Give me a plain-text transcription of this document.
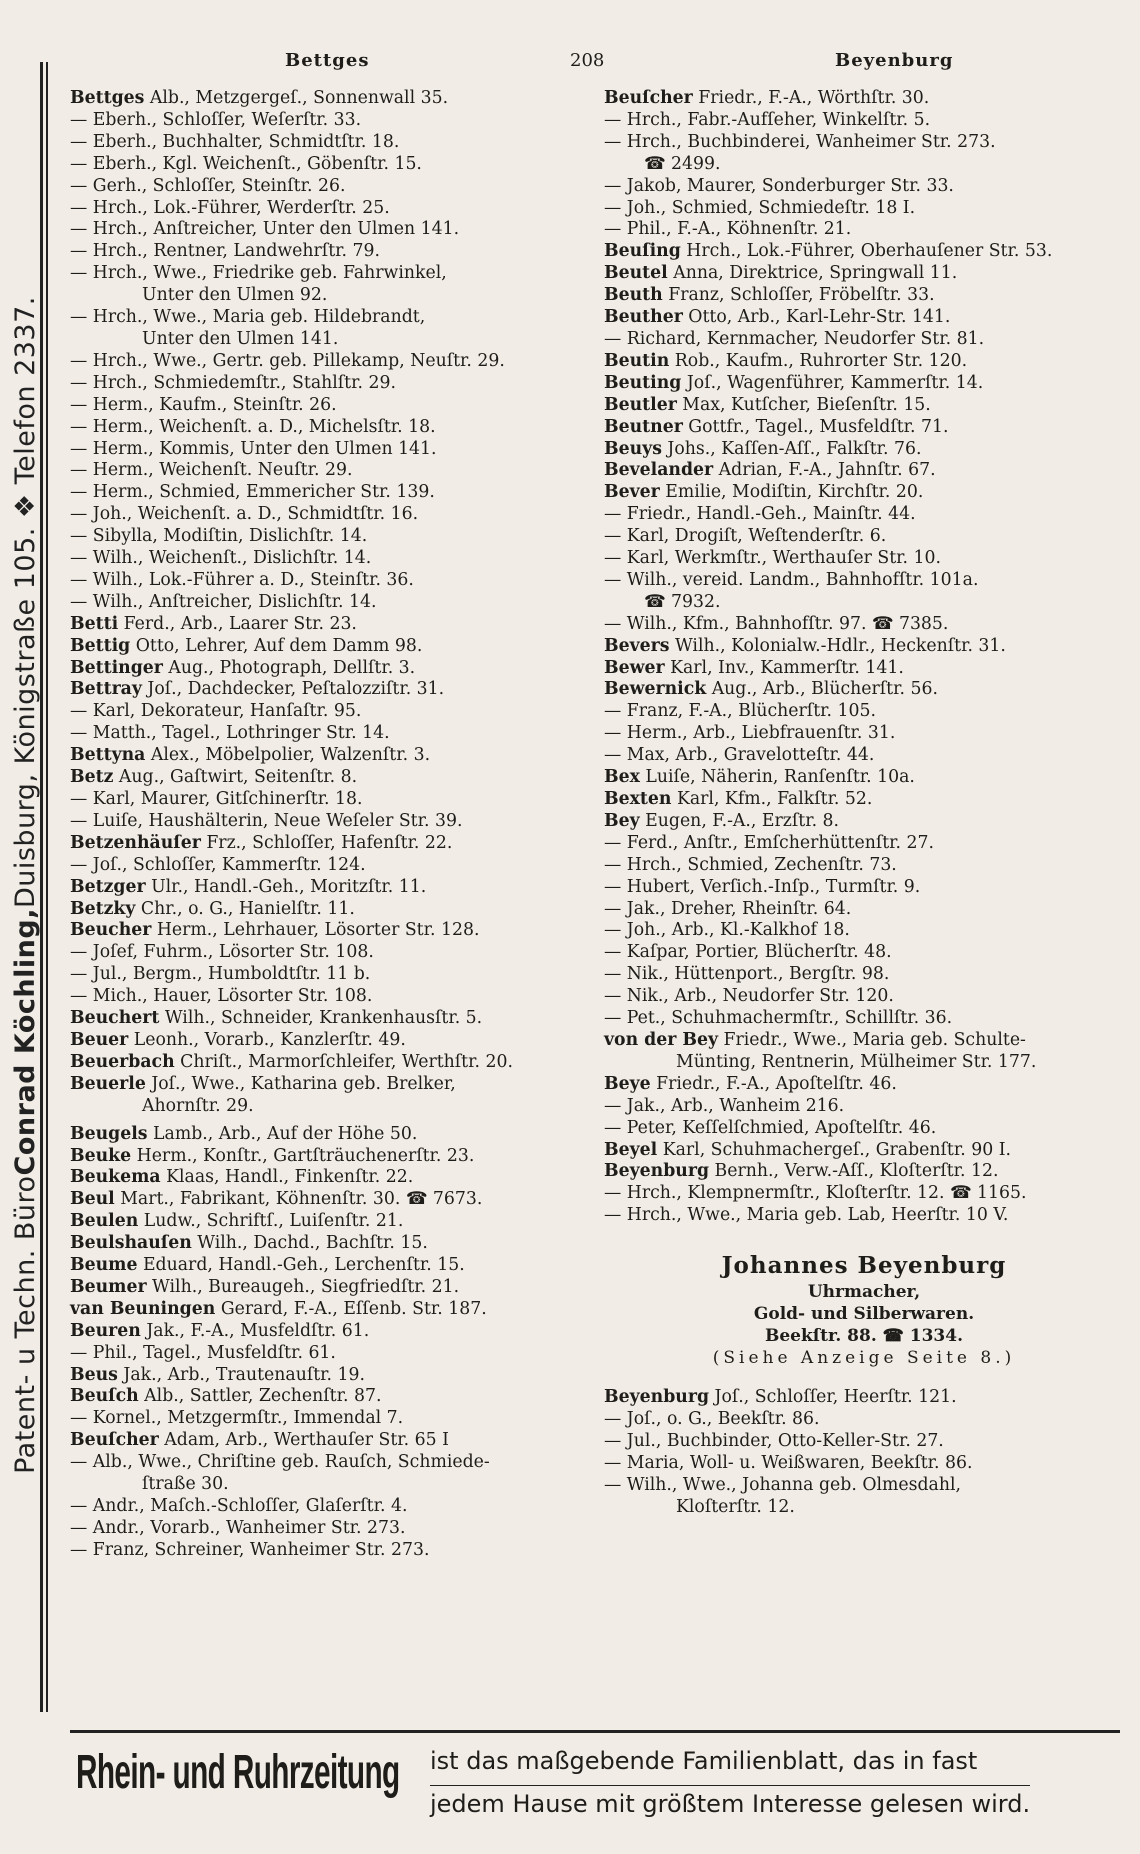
Patent- u Techn. Büro
Conrad Köchling,
Duisburg, Königstraße 105. ❖ Telefon 2337.
Bettges	208	Beyenburg
Bettges Alb., Metzgergeſ., Sonnenwall 35.
— Eberh., Schloſſer, Weſerſtr. 33.
— Eberh., Buchhalter, Schmidtſtr. 18.
— Eberh., Kgl. Weichenſt., Göbenſtr. 15.
— Gerh., Schloſſer, Steinſtr. 26.
— Hrch., Lok.-Führer, Werderſtr. 25.
— Hrch., Anſtreicher, Unter den Ulmen 141.
— Hrch., Rentner, Landwehrſtr. 79.
— Hrch., Wwe., Friedrike geb. Fahrwinkel,
Unter den Ulmen 92.
— Hrch., Wwe., Maria geb. Hildebrandt,
Unter den Ulmen 141.
— Hrch., Wwe., Gertr. geb. Pillekamp, Neuſtr. 29.
— Hrch., Schmiedemſtr., Stahlſtr. 29.
— Herm., Kaufm., Steinſtr. 26.
— Herm., Weichenſt. a. D., Michelsſtr. 18.
— Herm., Kommis, Unter den Ulmen 141.
— Herm., Weichenſt. Neuſtr. 29.
— Herm., Schmied, Emmericher Str. 139.
— Joh., Weichenſt. a. D., Schmidtſtr. 16.
— Sibylla, Modiſtin, Dislichſtr. 14.
— Wilh., Weichenſt., Dislichſtr. 14.
— Wilh., Lok.-Führer a. D., Steinſtr. 36.
— Wilh., Anſtreicher, Dislichſtr. 14.
Betti Ferd., Arb., Laarer Str. 23.
Bettig Otto, Lehrer, Auf dem Damm 98.
Bettinger Aug., Photograph, Dellſtr. 3.
Bettray Joſ., Dachdecker, Peſtalozziſtr. 31.
— Karl, Dekorateur, Hanſaſtr. 95.
— Matth., Tagel., Lothringer Str. 14.
Bettyna Alex., Möbelpolier, Walzenſtr. 3.
Betz Aug., Gaſtwirt, Seitenſtr. 8.
— Karl, Maurer, Gitſchinerſtr. 18.
— Luiſe, Haushälterin, Neue Weſeler Str. 39.
Betzenhäuſer Frz., Schloſſer, Hafenſtr. 22.
— Joſ., Schloſſer, Kammerſtr. 124.
Betzger Ulr., Handl.-Geh., Moritzſtr. 11.
Betzky Chr., o. G., Hanielſtr. 11.
Beucher Herm., Lehrhauer, Lösorter Str. 128.
— Joſef, Fuhrm., Lösorter Str. 108.
— Jul., Bergm., Humboldtſtr. 11 b.
— Mich., Hauer, Lösorter Str. 108.
Beuchert Wilh., Schneider, Krankenhausſtr. 5.
Beuer Leonh., Vorarb., Kanzlerſtr. 49.
Beuerbach Chriſt., Marmorſchleifer, Werthſtr. 20.
Beuerle Joſ., Wwe., Katharina geb. Brelker,
Ahornſtr. 29.
Beugels Lamb., Arb., Auf der Höhe 50.
Beuke Herm., Konſtr., Gartſträuchenerſtr. 23.
Beukema Klaas, Handl., Finkenſtr. 22.
Beul Mart., Fabrikant, Köhnenſtr. 30. ☎ 7673.
Beulen Ludw., Schriftſ., Luiſenſtr. 21.
Beulshauſen Wilh., Dachd., Bachſtr. 15.
Beume Eduard, Handl.-Geh., Lerchenſtr. 15.
Beumer Wilh., Bureaugeh., Siegfriedſtr. 21.
van Beuningen Gerard, F.-A., Eſſenb. Str. 187.
Beuren Jak., F.-A., Musfeldſtr. 61.
— Phil., Tagel., Musfeldſtr. 61.
Beus Jak., Arb., Trautenauſtr. 19.
Beuſch Alb., Sattler, Zechenſtr. 87.
— Kornel., Metzgermſtr., Immendal 7.
Beuſcher Adam, Arb., Werthauſer Str. 65 I
— Alb., Wwe., Chriſtine geb. Rauſch, Schmiede-
ſtraße 30.
— Andr., Maſch.-Schloſſer, Glaſerſtr. 4.
— Andr., Vorarb., Wanheimer Str. 273.
— Franz, Schreiner, Wanheimer Str. 273.
Beuſcher Friedr., F.-A., Wörthſtr. 30.
— Hrch., Fabr.-Aufſeher, Winkelſtr. 5.
— Hrch., Buchbinderei, Wanheimer Str. 273.
☎ 2499.
— Jakob, Maurer, Sonderburger Str. 33.
— Joh., Schmied, Schmiedeſtr. 18 I.
— Phil., F.-A., Köhnenſtr. 21.
Beuſing Hrch., Lok.-Führer, Oberhauſener Str. 53.
Beutel Anna, Direktrice, Springwall 11.
Beuth Franz, Schloſſer, Fröbelſtr. 33.
Beuther Otto, Arb., Karl-Lehr-Str. 141.
— Richard, Kernmacher, Neudorfer Str. 81.
Beutin Rob., Kaufm., Ruhrorter Str. 120.
Beuting Joſ., Wagenführer, Kammerſtr. 14.
Beutler Max, Kutſcher, Bieſenſtr. 15.
Beutner Gottfr., Tagel., Musfeldſtr. 71.
Beuys Johs., Kaſſen-Aſſ., Falkſtr. 76.
Bevelander Adrian, F.-A., Jahnſtr. 67.
Bever Emilie, Modiſtin, Kirchſtr. 20.
— Friedr., Handl.-Geh., Mainſtr. 44.
— Karl, Drogiſt, Weſtenderſtr. 6.
— Karl, Werkmſtr., Werthauſer Str. 10.
— Wilh., vereid. Landm., Bahnhofſtr. 101a.
☎ 7932.
— Wilh., Kfm., Bahnhofſtr. 97. ☎ 7385.
Bevers Wilh., Kolonialw.-Hdlr., Heckenſtr. 31.
Bewer Karl, Inv., Kammerſtr. 141.
Bewernick Aug., Arb., Blücherſtr. 56.
— Franz, F.-A., Blücherſtr. 105.
— Herm., Arb., Liebfrauenſtr. 31.
— Max, Arb., Gravelotteſtr. 44.
Bex Luiſe, Näherin, Ranſenſtr. 10a.
Bexten Karl, Kfm., Falkſtr. 52.
Bey Eugen, F.-A., Erzſtr. 8.
— Ferd., Anſtr., Emſcherhüttenſtr. 27.
— Hrch., Schmied, Zechenſtr. 73.
— Hubert, Verſich.-Inſp., Turmſtr. 9.
— Jak., Dreher, Rheinſtr. 64.
— Joh., Arb., Kl.-Kalkhof 18.
— Kaſpar, Portier, Blücherſtr. 48.
— Nik., Hüttenport., Bergſtr. 98.
— Nik., Arb., Neudorfer Str. 120.
— Pet., Schuhmachermſtr., Schillſtr. 36.
von der Bey Friedr., Wwe., Maria geb. Schulte-
Münting, Rentnerin, Mülheimer Str. 177.
Beye Friedr., F.-A., Apoſtelſtr. 46.
— Jak., Arb., Wanheim 216.
— Peter, Keſſelſchmied, Apoſtelſtr. 46.
Beyel Karl, Schuhmachergeſ., Grabenſtr. 90 I.
Beyenburg Bernh., Verw.-Aſſ., Kloſterſtr. 12.
— Hrch., Klempnermſtr., Kloſterſtr. 12. ☎ 1165.
— Hrch., Wwe., Maria geb. Lab, Heerſtr. 10 V.
Johannes Beyenburg
Uhrmacher,
Gold- und Silberwaren.
Beekſtr. 88. ☎ 1334.
(Siehe Anzeige Seite 8.)
Beyenburg Joſ., Schloſſer, Heerſtr. 121.
— Joſ., o. G., Beekſtr. 86.
— Jul., Buchbinder, Otto-Keller-Str. 27.
— Maria, Woll- u. Weißwaren, Beekſtr. 86.
— Wilh., Wwe., Johanna geb. Olmesdahl,
Kloſterſtr. 12.
Rhein- und Ruhrzeitung ist das maßgebende Familienblatt, das in fast
jedem Hause mit größtem Interesse gelesen wird.
